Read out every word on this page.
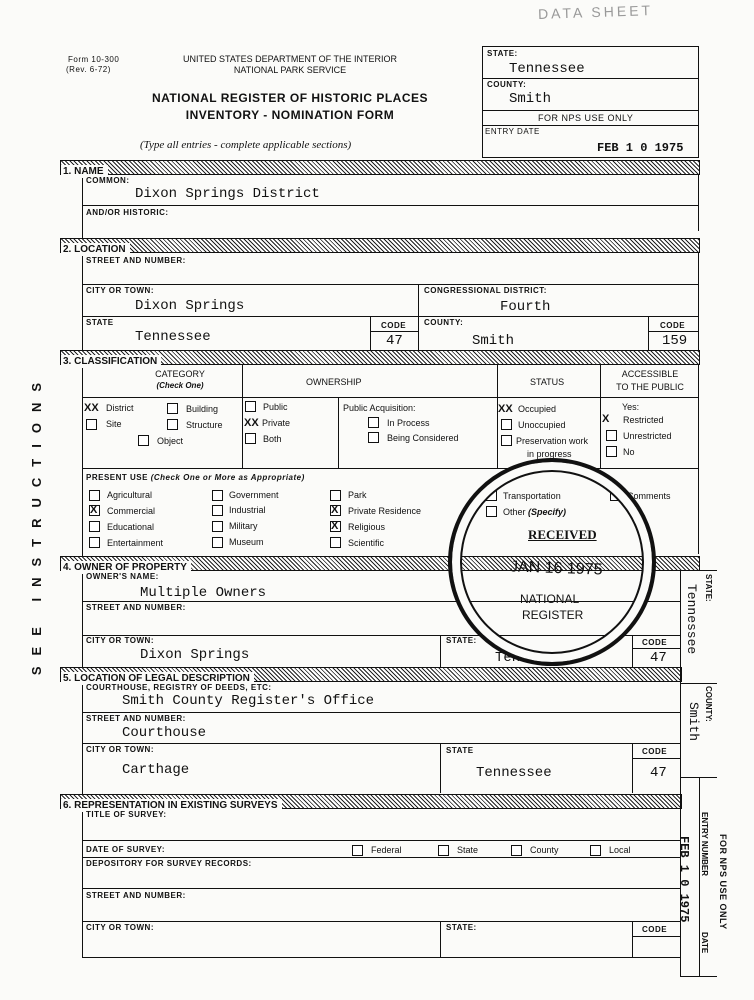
DATA SHEET
Form 10-300
(Rev. 6-72)
UNITED STATES DEPARTMENT OF THE INTERIOR
NATIONAL PARK SERVICE
NATIONAL REGISTER OF HISTORIC PLACES
INVENTORY - NOMINATION FORM
(Type all entries - complete applicable sections)
STATE:
Tennessee
COUNTY:
Smith
FOR NPS USE ONLY
ENTRY DATE
FEB 1 0 1975
SEE INSTRUCTIONS
1. NAME
COMMON:
Dixon Springs District
AND/OR HISTORIC:
2. LOCATION
STREET AND NUMBER:
CITY OR TOWN:
Dixon Springs
CONGRESSIONAL DISTRICT:
Fourth
STATE
Tennessee
CODE
47
COUNTY:
Smith
CODE
159
3. CLASSIFICATION
CATEGORY
(Check One)	OWNERSHIP	STATUS
ACCESSIBLE
TO THE PUBLIC
XX District	Building
Site	Structure
Object
Public
XX Private
Both
Public Acquisition:
In Process
Being Considered
XX Occupied
Unoccupied
Preservation work
in progress
Yes:
X Restricted
Unrestricted
No
PRESENT USE (Check One or More as Appropriate)
Agricultural
X Commercial
Educational
Entertainment
Government
Industrial
Military
Museum
Park
X Private Residence
X Religious
Scientific
Transportation
Other (Specify)
Comments
4. OWNER OF PROPERTY
OWNER'S NAME:
Multiple Owners
STREET AND NUMBER:
CITY OR TOWN:
Dixon Springs
STATE:
Tennessee
CODE
47
5. LOCATION OF LEGAL DESCRIPTION
COURTHOUSE, REGISTRY OF DEEDS, ETC:
Smith County Register's Office
STREET AND NUMBER:
Courthouse
CITY OR TOWN:
Carthage
STATE
Tennessee
CODE
47
6. REPRESENTATION IN EXISTING SURVEYS
TITLE OF SURVEY:
DATE OF SURVEY:	Federal	State	County	Local
DEPOSITORY FOR SURVEY RECORDS:
STREET AND NUMBER:
CITY OR TOWN:	STATE:	CODE
STATE:
Tennessee
COUNTY:
Smith
FOR NPS USE ONLY
ENTRY NUMBER
DATE
FEB 1 0 1975
RECEIVED
JAN 16 1975
NATIONAL
REGISTER
